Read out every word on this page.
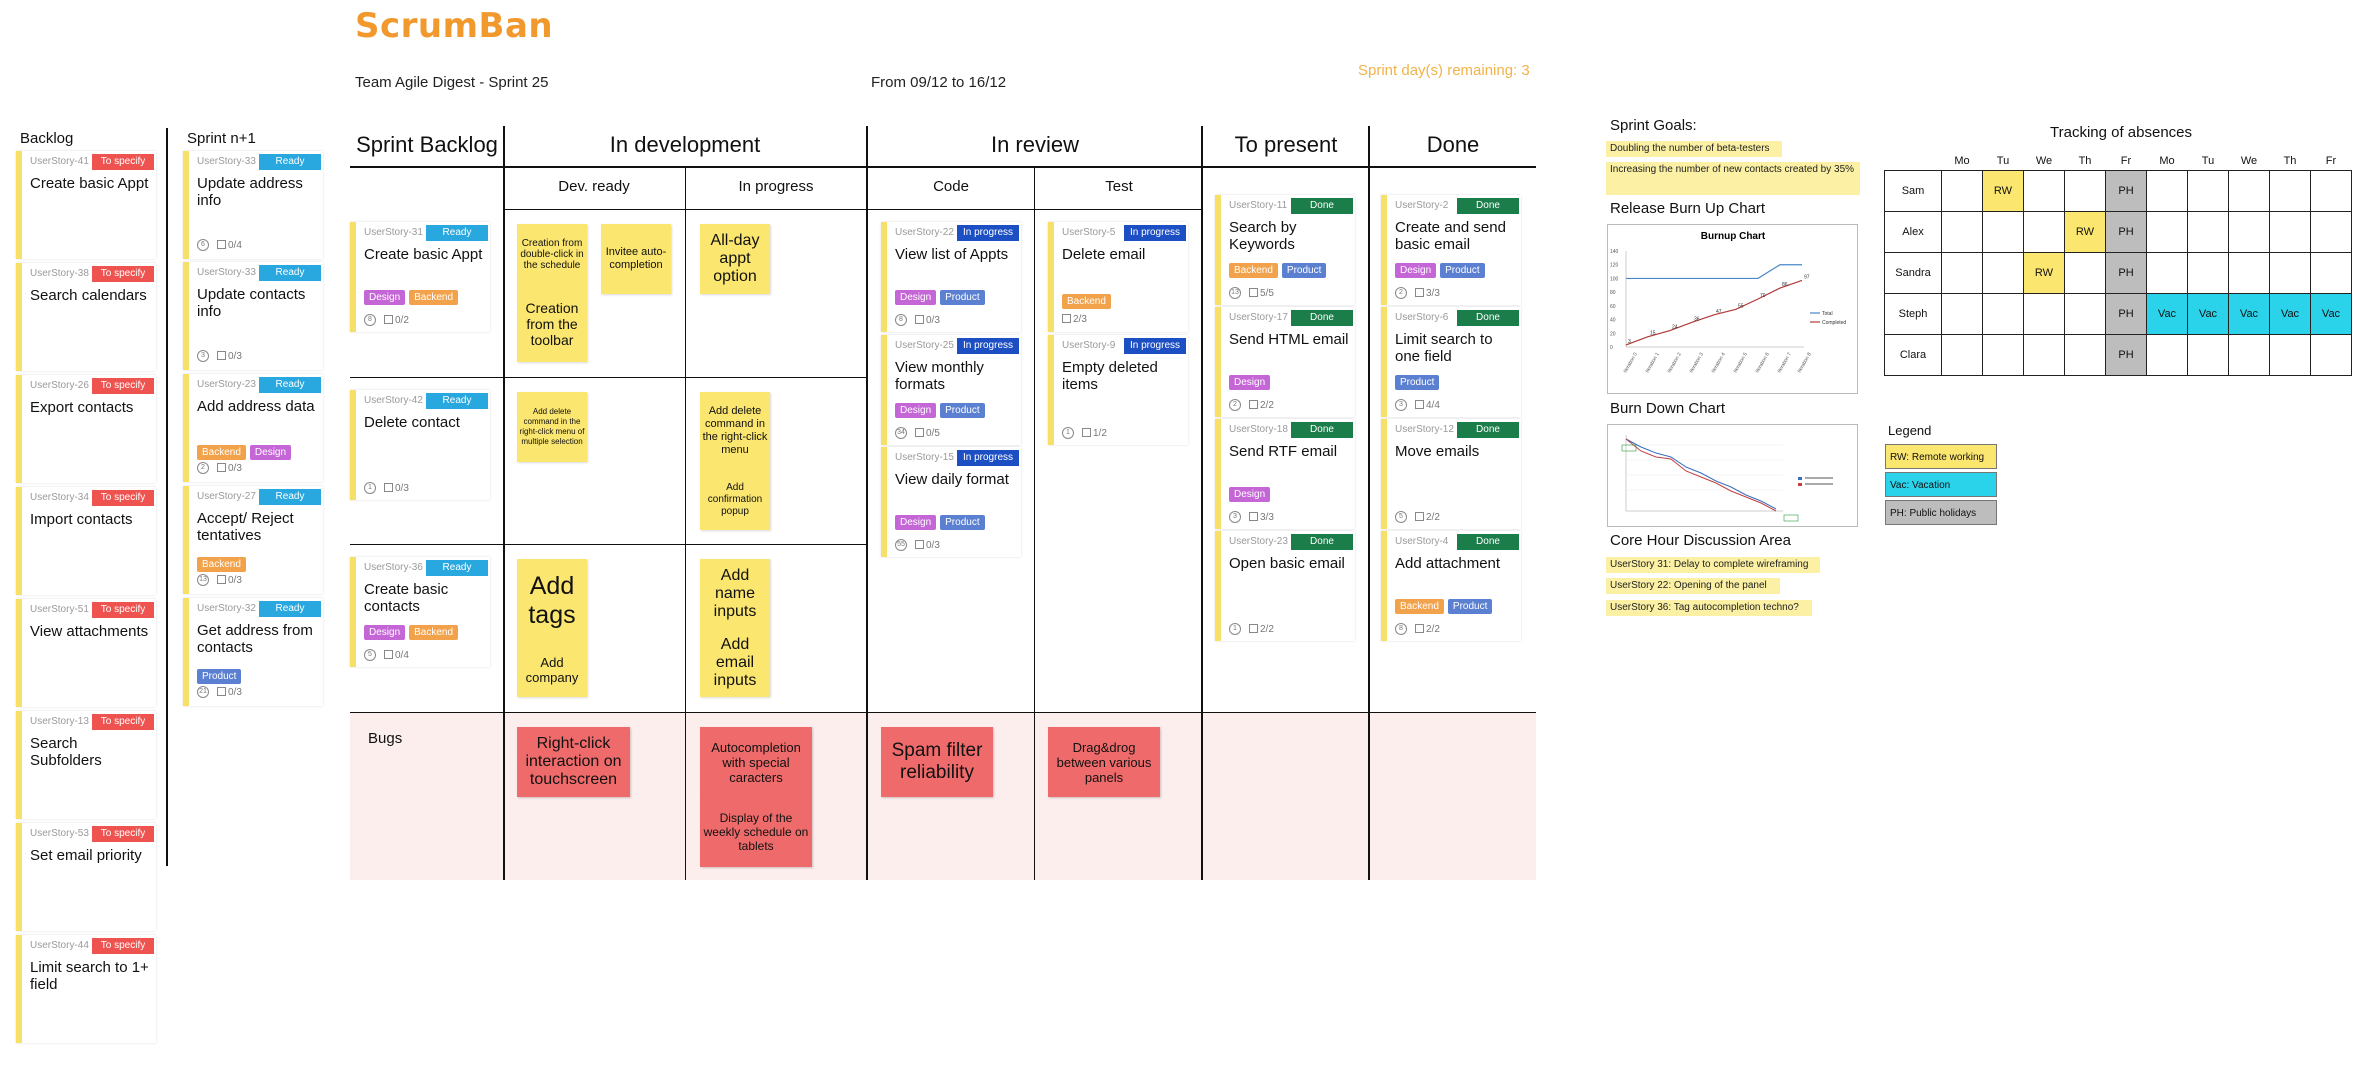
ScrumBan
Team Agile Digest - Sprint 25	From 09/12 to 16/12
Sprint day(s) remaining: 3
Backlog
UserStory-41	To specify
Create basic Appt
UserStory-38	To specify
Search calendars
UserStory-26	To specify
Export contacts
UserStory-34	To specify
Import contacts
UserStory-51	To specify
View attachments
UserStory-13	To specify
Search Subfolders
UserStory-53	To specify
Set email priority
UserStory-44	To specify
Limit search to 1+ field
Sprint n+1
UserStory-33	Ready
Update address info
6	0/4
UserStory-33	Ready
Update contacts info
3	0/3
UserStory-23	Ready
Add address data
Backend	Design
2	0/3
UserStory-27	Ready
Accept/ Reject tentatives
Backend
13	0/3
UserStory-32	Ready
Get address from contacts
Product
21	0/3
Bugs
Sprint Backlog	In development	In review	To present	Done
Dev. ready	In progress	Code	Test
UserStory-31	Ready
Create basic Appt
Design	Backend
8	0/2
UserStory-42	Ready
Delete contact
1	0/3
UserStory-36	Ready
Create basic contacts
Design	Backend
5	0/4
UserStory-22 In progress
View list of Appts
Design	Product
8	0/3
UserStory-25 In progress
View monthly formats
Design	Product
34	0/5
UserStory-15 In progress
View daily format
Design	Product
55	0/3
UserStory-5	In progress
Delete email
Backend
2/3
UserStory-9	In progress
Empty deleted items
1	1/2
UserStory-11	Done
Search by Keywords
Backend	Product
13	5/5
UserStory-17	Done
Send HTML email
Design
2	2/2
UserStory-18	Done
Send RTF email
Design
3	3/3
UserStory-23	Done
Open basic email
1	2/2
UserStory-2	Done
Create and send basic email
Design	Product
2	3/3
UserStory-6	Done
Limit search to one field
Product
3	4/4
UserStory-12	Done
Move emails
5	2/2
UserStory-4	Done
Add attachment
Backend	Product
8	2/2
Creation from double-click in the schedule
Creation from the toolbar
Invitee auto-completion
All-day appt option
Add delete command in the right-click menu of multiple selection
Add delete command in the right-click menu
Add confirmation popup
Add tags
Add company
Add name inputs
Add email inputs
Right-click interaction on touchscreen
Autocompletion with special caracters
Display of the weekly schedule on tablets
Spam filter reliability
Drag&drog between various panels
Sprint Goals:
Doubling the number of beta-testers
Increasing the number of new contacts created by 35%
Release Burn Up Chart
Burnup Chart
140
120
100
80
60
40
20
0
3
15
24
36
47
55
70
86
97
Iteration 0 Iteration 1 Iteration 2 Iteration 3 Iteration 4 Iteration 5 Iteration 6 Iteration 7 Iteration 8
Total
Completed
Burn Down Chart
Core Hour Discussion Area
UserStory 31: Delay to complete wireframing
UserStory 22: Opening of the panel
UserStory 36: Tag autocompletion techno?
Tracking of absences
	Mo	Tu	We	Th	Fr	Mo	Tu	We	Th	Fr
Sam		RW			PH					
Alex				RW	PH					
Sandra			RW		PH					
Steph					PH	Vac	Vac	Vac	Vac	Vac
Clara					PH					
Legend
RW: Remote working
Vac: Vacation
PH: Public holidays
